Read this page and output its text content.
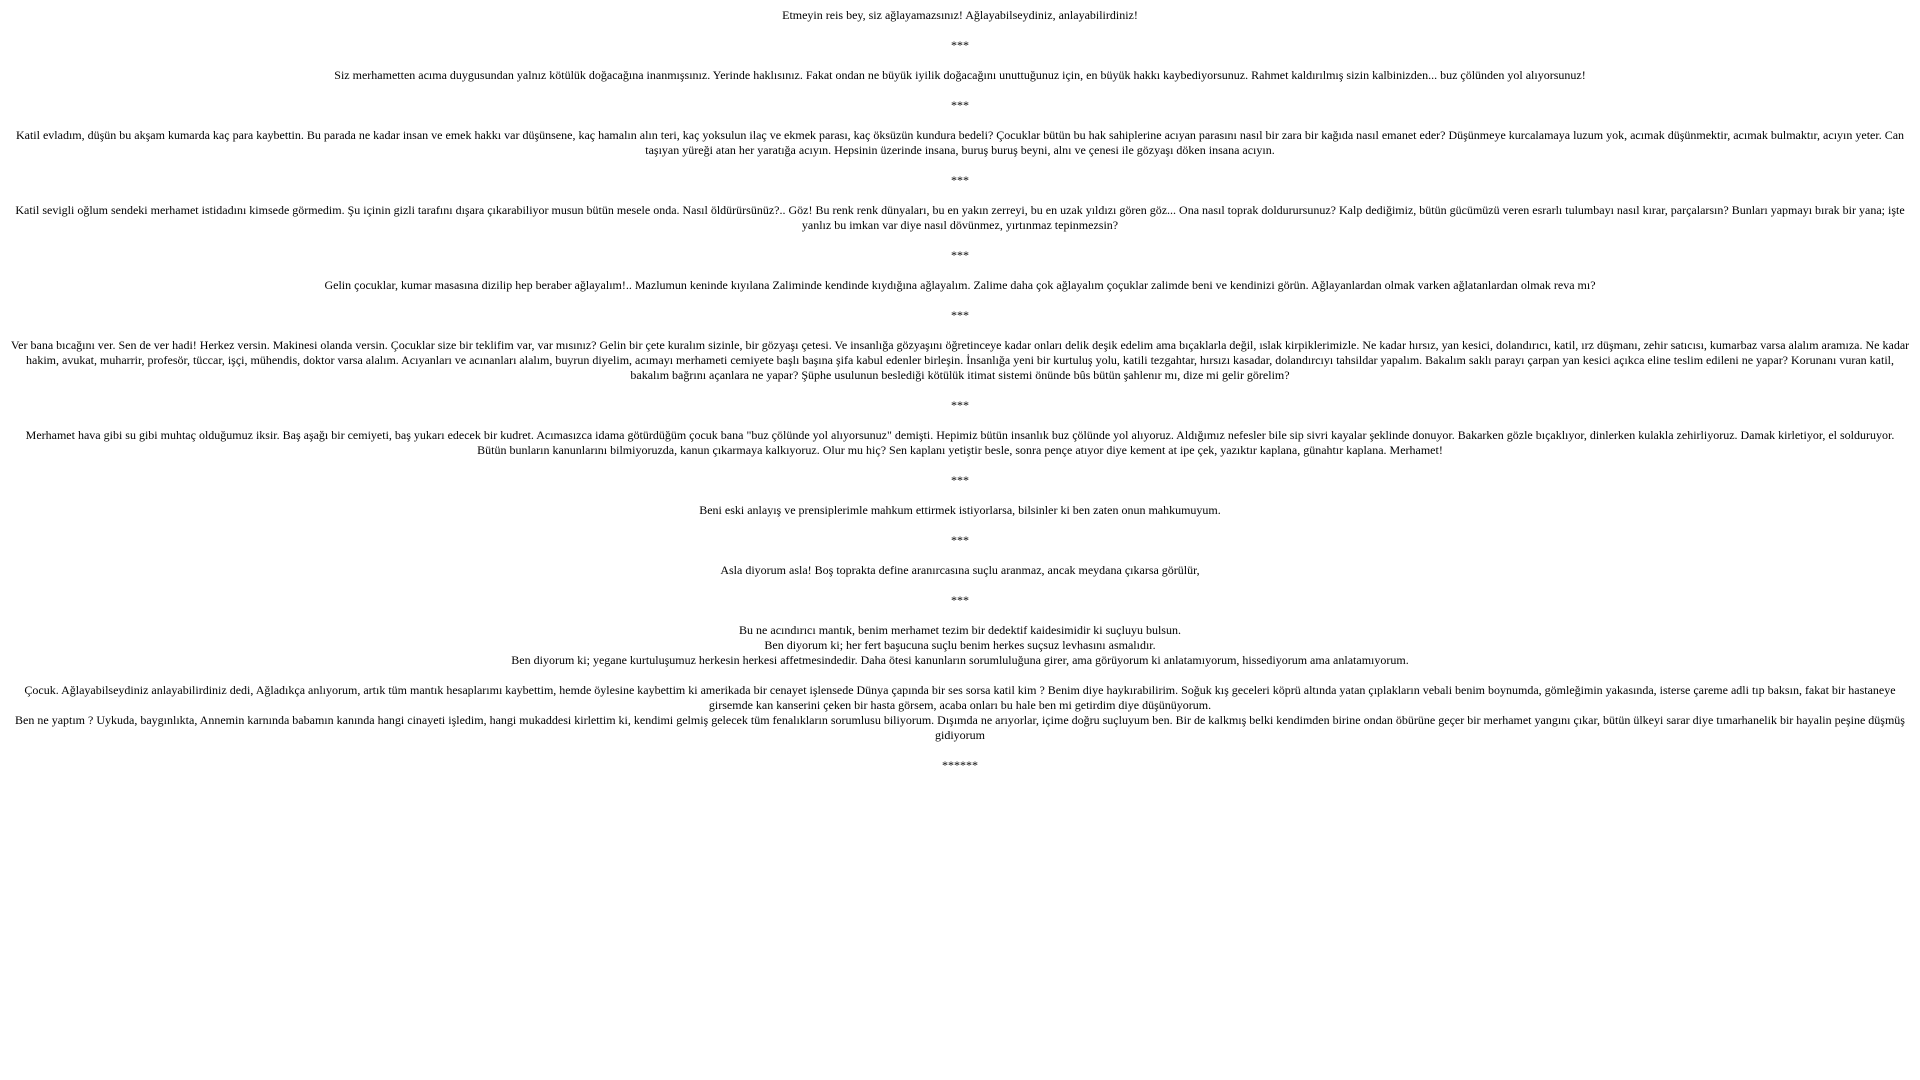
Etmeyin reis bey, siz ağlayamazsınız! Ağlayabilseydiniz, anlayabilirdiniz!
***
Siz merhametten acıma duygusundan yalnız kötülük doğacağına inanmışsınız. Yerinde haklısınız. Fakat ondan ne büyük iyilik doğacağını unuttuğunuz için, en büyük hakkı kaybediyorsunuz. Rahmet kaldırılmış sizin kalbinizden... buz çölünden yol alıyorsunuz!
***
Katil evladım, düşün bu akşam kumarda kaç para kaybettin. Bu parada ne kadar insan ve emek hakkı var düşünsene, kaç hamalın alın teri, kaç yoksulun ilaç ve ekmek parası, kaç öksüzün kundura bedeli? Çocuklar bütün bu hak sahiplerine acıyan parasını nasıl bir zara bir kağıda nasıl emanet eder? Düşünmeye kurcalamaya luzum yok, acımak düşünmektir, acımak bulmaktır, acıyın yeter. Can taşıyan yüreği atan her yaratığa acıyın. Hepsinin üzerinde insana, buruş buruş beyni, alnı ve çenesi ile gözyaşı döken insana acıyın.
***
Katil sevigli oğlum sendeki merhamet istidadını kimsede görmedim. Şu içinin gizli tarafını dışara çıkarabiliyor musun bütün mesele onda. Nasıl öldürürsünüz?.. Göz! Bu renk renk dünyaları, bu en yakın zerreyi, bu en uzak yıldızı gören göz... Ona nasıl toprak doldurursunuz? Kalp dediğimiz, bütün gücümüzü veren esrarlı tulumbayı nasıl kırar, parçalarsın? Bunları yapmayı bırak bir yana; işte yanlız bu imkan var diye nasıl dövünmez, yırtınmaz tepinmezsin?
***
Gelin çocuklar, kumar masasına dizilip hep beraber ağlayalım!.. Mazlumun keninde kıyılana Zaliminde kendinde kıydığına ağlayalım. Zalime daha çok ağlayalım çoçuklar zalimde beni ve kendinizi görün. Ağlayanlardan olmak varken ağlatanlardan olmak reva mı?
***
Ver bana bıcağını ver. Sen de ver hadi! Herkez versin. Makinesi olanda versin. Çocuklar size bir teklifim var, var mısınız? Gelin bir çete kuralım sizinle, bir gözyaşı çetesi. Ve insanlığa gözyaşını öğretinceye kadar onları delik deşik edelim ama bıçaklarla değil, ıslak kirpiklerimizle. Ne kadar hırsız, yan kesici, dolandırıcı, katil, ırz düşmanı, zehir satıcısı, kumarbaz varsa alalım aramıza. Ne kadar hakim, avukat, muharrir, profesör, tüccar, işçi, mühendis, doktor varsa alalım. Acıyanları ve acınanları alalım, buyrun diyelim, acımayı merhameti cemiyete başlı başına şifa kabul edenler birleşin. İnsanlığa yeni bir kurtuluş yolu, katili tezgahtar, hırsızı kasadar, dolandırcıyı tahsildar yapalım. Bakalım saklı parayı çarpan yan kesici açıkca eline teslim edileni ne yapar? Korunanı vuran katil, bakalım bağrını açanlara ne yapar? Şüphe usulunun beslediği kötülük itimat sistemi önünde bûs bütün şahlenır mı, dize mi gelir görelim?
***
Merhamet hava gibi su gibi muhtaç olduğumuz iksir. Baş aşağı bir cemiyeti, baş yukarı edecek bir kudret. Acımasızca idama götürdüğüm çocuk bana "buz çölünde yol alıyorsunuz" demişti. Hepimiz bütün insanlık buz çölünde yol alıyoruz. Aldığımız nefesler bile sip sivri kayalar şeklinde donuyor. Bakarken gözle bıçaklıyor, dinlerken kulakla zehirliyoruz. Damak kirletiyor, el solduruyor. Bütün bunların kanunlarını bilmiyoruzda, kanun çıkarmaya kalkıyoruz. Olur mu hiç? Sen kaplanı yetiştir besle, sonra pençe atıyor diye kement at ipe çek, yazıktır kaplana, günahtır kaplana. Merhamet!
***
Beni eski anlayış ve prensiplerimle mahkum ettirmek istiyorlarsa, bilsinler ki ben zaten onun mahkumuyum.
***
Asla diyorum asla! Boş toprakta define aranırcasına suçlu aranmaz, ancak meydana çıkarsa görülür,
***
Bu ne acındırıcı mantık, benim merhamet tezim bir dedektif kaidesimidir ki suçluyu bulsun.
Ben diyorum ki; her fert başucuna suçlu benim herkes suçsuz levhasını asmalıdır.
Ben diyorum ki; yegane kurtuluşumuz herkesin herkesi affetmesindedir. Daha ötesi kanunların sorumluluğuna girer, ama görüyorum ki anlatamıyorum, hissediyorum ama anlatamıyorum.
Çocuk. Ağlayabilseydiniz anlayabilirdiniz dedi, Ağladıkça anlıyorum, artık tüm mantık hesaplarımı kaybettim, hemde öylesine kaybettim ki amerikada bir cenayet işlensede Dünya çapında bir ses sorsa katil kim ? Benim diye haykırabilirim. Soğuk kış geceleri köprü altında yatan çıplakların vebali benim boynumda, gömleğimin yakasında, isterse çareme adli tıp baksın, fakat bir hastaneye girsemde kan kanserini çeken bir hasta görsem, acaba onları bu hale ben mi getirdim diye düşünüyorum.
Ben ne yaptım ? Uykuda, baygınlıkta, Annemin karnında babamın kanında hangi cinayeti işledim, hangi mukaddesi kirlettim ki, kendimi gelmiş gelecek tüm fenalıkların sorumlusu biliyorum. Dışımda ne arıyorlar, içime doğru suçluyum ben. Bir de kalkmış belki kendimden birine ondan öbürüne geçer bir merhamet yangını çıkar, bütün ülkeyi sarar diye tımarhanelik bir hayalin peşine düşmüş gidiyorum
******
